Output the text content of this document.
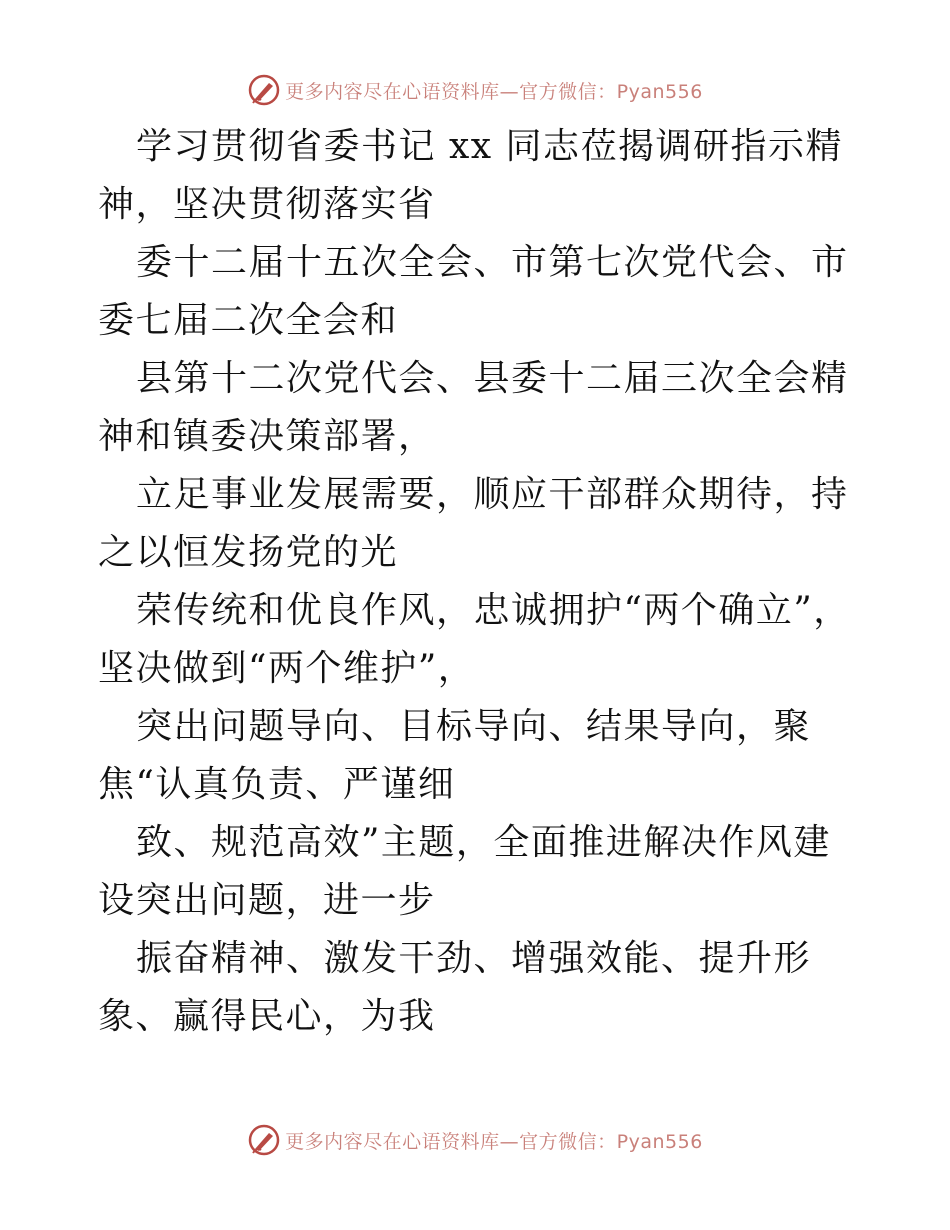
更多内容尽在心语资料库—官方微信：Pyan556

学习贯彻省委书记 xx 同志莅揭调研指示精神，坚决贯彻落实省

委十二届十五次全会、市第七次党代会、市委七届二次全会和

县第十二次党代会、县委十二届三次全会精神和镇委决策部署，

立足事业发展需要，顺应干部群众期待，持之以恒发扬党的光

荣传统和优良作风，忠诚拥护“两个确立”，坚决做到“两个维护”，

突出问题导向、目标导向、结果导向，聚焦“认真负责、严谨细

致、规范高效”主题，全面推进解决作风建设突出问题，进一步

振奋精神、激发干劲、增强效能、提升形象、赢得民心，为我

更多内容尽在心语资料库—官方微信：Pyan556
